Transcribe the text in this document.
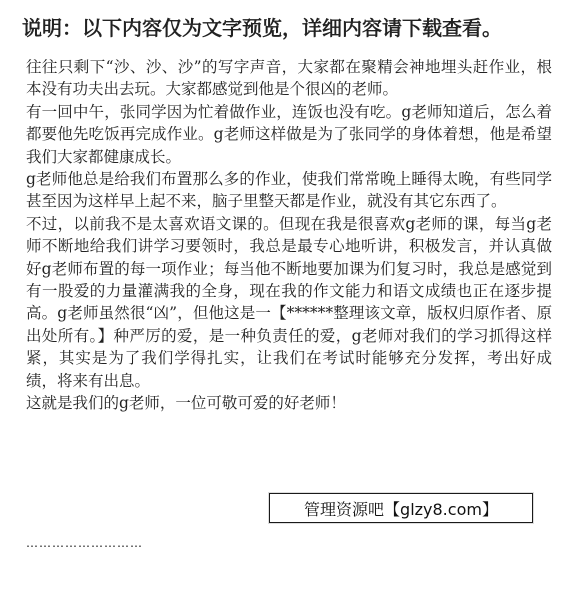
说明：以下内容仅为文字预览，详细内容请下载查看。

往往只剩下“沙、沙、沙”的写字声音，大家都在聚精会神地埋头赶作业，根本没有功夫出去玩。大家都感觉到他是个很凶的老师。

有一回中午，张同学因为忙着做作业，连饭也没有吃。g老师知道后，怎么着都要他先吃饭再完成作业。g老师这样做是为了张同学的身体着想，他是希望我们大家都健康成长。

g老师他总是给我们布置那么多的作业，使我们常常晚上睡得太晚，有些同学甚至因为这样早上起不来，脑子里整天都是作业，就没有其它东西了。

不过，以前我不是太喜欢语文课的。但现在我是很喜欢g老师的课，每当g老师不断地给我们讲学习要领时，我总是最专心地听讲，积极发言，并认真做好g老师布置的每一项作业；每当他不断地要加课为们复习时，我总是感觉到有一股爱的力量灌满我的全身，现在我的作文能力和语文成绩也正在逐步提高。g老师虽然很“凶”，但他这是一【******整理该文章，版权归原作者、原出处所有。】种严厉的爱，是一种负责任的爱，g老师对我们的学习抓得这样紧，其实是为了我们学得扎实，让我们在考试时能够充分发挥，考出好成绩，将来有出息。

这就是我们的g老师，一位可敬可爱的好老师！

………………………
管理资源吧【glzy8.com】
